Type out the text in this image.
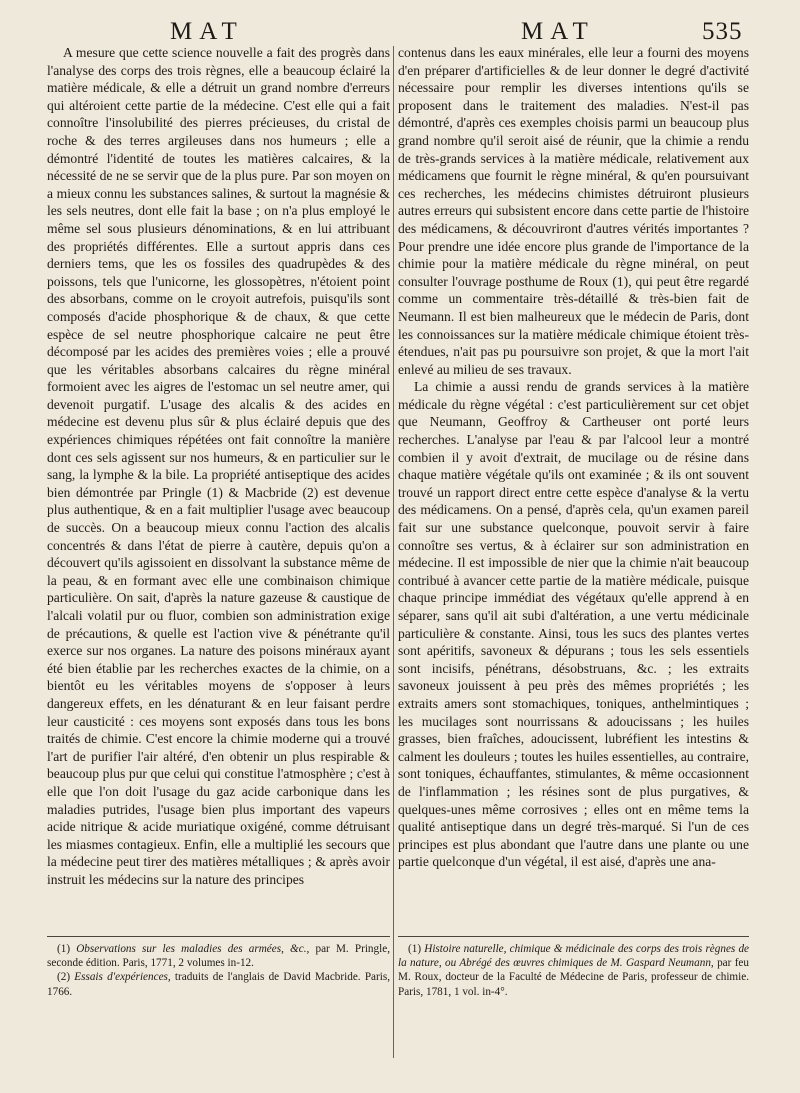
MAT	MAT	535

A mesure que cette science nouvelle a fait des progrès dans l'analyse des corps des trois règnes, elle a beaucoup éclairé la matière médicale, & elle a détruit un grand nombre d'erreurs qui altéroient cette partie de la médecine. C'est elle qui a fait connoître l'insolubilité des pierres précieuses, du cristal de roche & des terres argileuses dans nos humeurs ; elle a démontré l'identité de toutes les matières calcaires, & la nécessité de ne se servir que de la plus pure. Par son moyen on a mieux connu les substances salines, & surtout la magnésie & les sels neutres, dont elle fait la base ; on n'a plus employé le même sel sous plusieurs dénominations, & en lui attribuant des propriétés différentes. Elle a surtout appris dans ces derniers tems, que les os fossiles des quadrupèdes & des poissons, tels que l'unicorne, les glossopètres, n'étoient point des absorbans, comme on le croyoit autrefois, puisqu'ils sont composés d'acide phosphorique & de chaux, & que cette espèce de sel neutre phosphorique calcaire ne peut être décomposé par les acides des premières voies ; elle a prouvé que les véritables absorbans calcaires du règne minéral formoient avec les aigres de l'estomac un sel neutre amer, qui devenoit purgatif. L'usage des alcalis & des acides en médecine est devenu plus sûr & plus éclairé depuis que des expériences chimiques répétées ont fait connoître la manière dont ces sels agissent sur nos humeurs, & en particulier sur le sang, la lymphe & la bile. La propriété antiseptique des acides bien démontrée par Pringle (1) & Macbride (2) est devenue plus authentique, & en a fait multiplier l'usage avec beaucoup de succès. On a beaucoup mieux connu l'action des alcalis concentrés & dans l'état de pierre à cautère, depuis qu'on a découvert qu'ils agissoient en dissolvant la substance même de la peau, & en formant avec elle une combinaison chimique particulière. On sait, d'après la nature gazeuse & caustique de l'alcali volatil pur ou fluor, combien son administration exige de précautions, & quelle est l'action vive & pénétrante qu'il exerce sur nos organes. La nature des poisons minéraux ayant été bien établie par les recherches exactes de la chimie, on a bientôt eu les véritables moyens de s'opposer à leurs dangereux effets, en les dénaturant & en leur faisant perdre leur causticité : ces moyens sont exposés dans tous les bons traités de chimie. C'est encore la chimie moderne qui a trouvé l'art de purifier l'air altéré, d'en obtenir un plus respirable & beaucoup plus pur que celui qui constitue l'atmosphère ; c'est à elle que l'on doit l'usage du gaz acide carbonique dans les maladies putrides, l'usage bien plus important des vapeurs acide nitrique & acide muriatique oxigéné, comme détruisant les miasmes contagieux. Enfin, elle a multiplié les secours que la médecine peut tirer des matières métalliques ; & après avoir instruit les médecins sur la nature des principes

contenus dans les eaux minérales, elle leur a fourni des moyens d'en préparer d'artificielles & de leur donner le degré d'activité nécessaire pour remplir les diverses intentions qu'ils se proposent dans le traitement des maladies. N'est-il pas démontré, d'après ces exemples choisis parmi un beaucoup plus grand nombre qu'il seroit aisé de réunir, que la chimie a rendu de très-grands services à la matière médicale, relativement aux médicamens que fournit le règne minéral, & qu'en poursuivant ces recherches, les médecins chimistes détruiront plusieurs autres erreurs qui subsistent encore dans cette partie de l'histoire des médicamens, & découvriront d'autres vérités importantes ? Pour prendre une idée encore plus grande de l'importance de la chimie pour la matière médicale du règne minéral, on peut consulter l'ouvrage posthume de Roux (1), qui peut être regardé comme un commentaire très-détaillé & très-bien fait de Neumann. Il est bien malheureux que le médecin de Paris, dont les connoissances sur la matière médicale chimique étoient très-étendues, n'ait pas pu poursuivre son projet, & que la mort l'ait enlevé au milieu de ses travaux.

La chimie a aussi rendu de grands services à la matière médicale du règne végétal : c'est particulièrement sur cet objet que Neumann, Geoffroy & Cartheuser ont porté leurs recherches. L'analyse par l'eau & par l'alcool leur a montré combien il y avoit d'extrait, de mucilage ou de résine dans chaque matière végétale qu'ils ont examinée ; & ils ont souvent trouvé un rapport direct entre cette espèce d'analyse & la vertu des médicamens. On a pensé, d'après cela, qu'un examen pareil fait sur une substance quelconque, pouvoit servir à faire connoître ses vertus, & à éclairer sur son administration en médecine. Il est impossible de nier que la chimie n'ait beaucoup contribué à avancer cette partie de la matière médicale, puisque chaque principe immédiat des végétaux qu'elle apprend à en séparer, sans qu'il ait subi d'altération, a une vertu médicinale particulière & constante. Ainsi, tous les sucs des plantes vertes sont apéritifs, savoneux & dépurans ; tous les sels essentiels sont incisifs, pénétrans, désobstruans, &c. ; les extraits savoneux jouissent à peu près des mêmes propriétés ; les extraits amers sont stomachiques, toniques, anthelmintiques ; les mucilages sont nourrissans & adoucissans ; les huiles grasses, bien fraîches, adoucissent, lubréfient les intestins & calment les douleurs ; toutes les huiles essentielles, au contraire, sont toniques, échauffantes, stimulantes, & même occasionnent de l'inflammation ; les résines sont de plus purgatives, & quelques-unes même corrosives ; elles ont en même tems la qualité antiseptique dans un degré très-marqué. Si l'un de ces principes est plus abondant que l'autre dans une plante ou une partie quelconque d'un végétal, il est aisé, d'après une ana-

(1) Observations sur les maladies des armées, &c., par M. Pringle, seconde édition. Paris, 1771, 2 volumes in-12.

(2) Essais d'expériences, traduits de l'anglais de David Macbride. Paris, 1766.

(1) Histoire naturelle, chimique & médicinale des corps des trois règnes de la nature, ou Abrégé des œuvres chimiques de M. Gaspard Neumann, par feu M. Roux, docteur de la Faculté de Médecine de Paris, professeur de chimie. Paris, 1781, 1 vol. in-4°.
